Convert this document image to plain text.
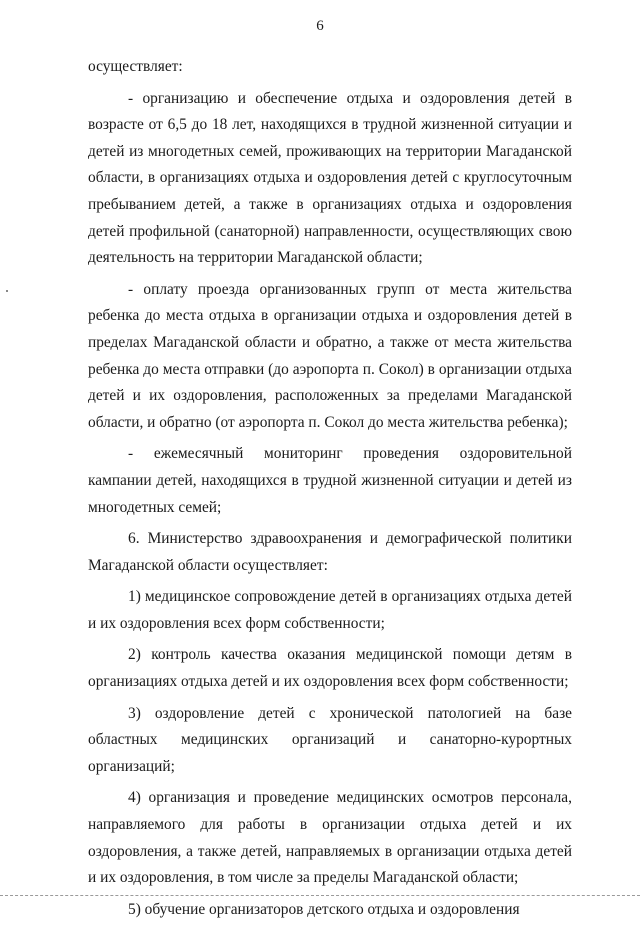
6

осуществляет:

- организацию и обеспечение отдыха и оздоровления детей в возрасте от 6,5 до 18 лет, находящихся в трудной жизненной ситуации и детей из многодетных семей, проживающих на территории Магаданской области, в организациях отдыха и оздоровления детей с круглосуточным пребыванием детей, а также в организациях отдыха и оздоровления детей профильной (санаторной) направленности, осуществляющих свою деятельность на территории Магаданской области;

- оплату проезда организованных групп от места жительства ребенка до места отдыха в организации отдыха и оздоровления детей в пределах Магаданской области и обратно, а также от места жительства ребенка до места отправки (до аэропорта п. Сокол) в организации отдыха детей и их оздоровления, расположенных за пределами Магаданской области, и обратно (от аэропорта п. Сокол до места жительства ребенка);

- ежемесячный мониторинг проведения оздоровительной кампании детей, находящихся в трудной жизненной ситуации и детей из многодетных семей;

6. Министерство здравоохранения и демографической политики Магаданской области осуществляет:

1) медицинское сопровождение детей в организациях отдыха детей и их оздоровления всех форм собственности;

2) контроль качества оказания медицинской помощи детям в организациях отдыха детей и их оздоровления всех форм собственности;

3) оздоровление детей с хронической патологией на базе областных медицинских организаций и санаторно-курортных организаций;

4) организация и проведение медицинских осмотров персонала, направляемого для работы в организации отдыха детей и их оздоровления, а также детей, направляемых в организации отдыха детей и их оздоровления, в том числе за пределы Магаданской области;

5) обучение организаторов детского отдыха и оздоровления
